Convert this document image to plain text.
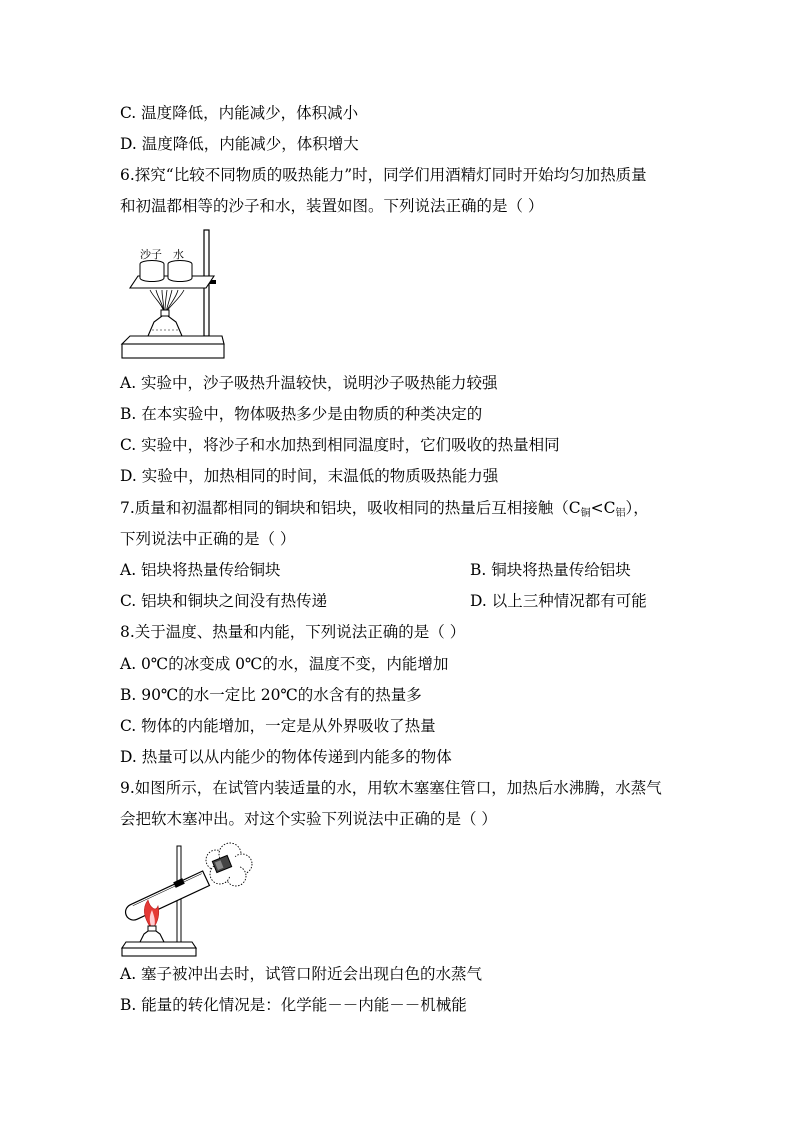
C. 温度降低，内能减少，体积减小
D. 温度降低，内能减少，体积增大
6.探究“比较不同物质的吸热能力”时，同学们用酒精灯同时开始均匀加热质量
和初温都相等的沙子和水，装置如图。下列说法正确的是（ ）
沙子 水
A. 实验中，沙子吸热升温较快，说明沙子吸热能力较强
B. 在本实验中，物体吸热多少是由物质的种类决定的
C. 实验中，将沙子和水加热到相同温度时，它们吸收的热量相同
D. 实验中，加热相同的时间，末温低的物质吸热能力强
7.质量和初温都相同的铜块和铝块，吸收相同的热量后互相接触$(C_铜<C_铝)$，
下列说法中正确的是（ ）
A. 铝块将热量传给铜块	B. 铜块将热量传给铝块
C. 铝块和铜块之间没有热传递	D. 以上三种情况都有可能
8.关于温度、热量和内能，下列说法正确的是（ ）
A. 0℃的冰变成 0℃的水，温度不变，内能增加
B. 90℃的水一定比 20℃的水含有的热量多
C. 物体的内能增加，一定是从外界吸收了热量
D. 热量可以从内能少的物体传递到内能多的物体
9.如图所示，在试管内装适量的水，用软木塞塞住管口，加热后水沸腾，水蒸气
会把软木塞冲出。对这个实验下列说法中正确的是（ ）
A. 塞子被冲出去时，试管口附近会出现白色的水蒸气
B. 能量的转化情况是：化学能－－内能－－机械能
